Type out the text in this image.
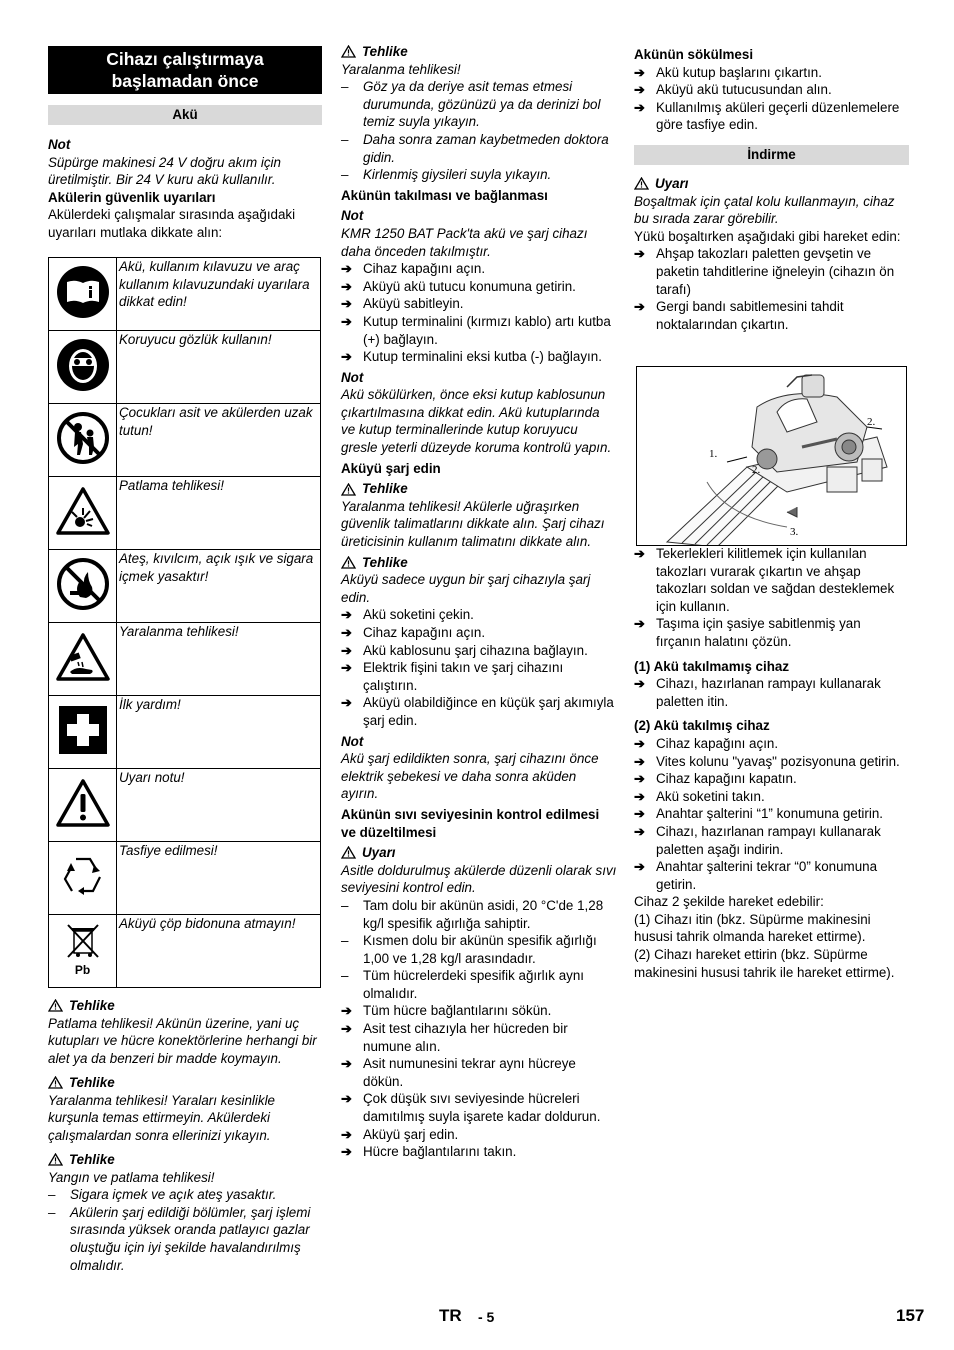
Cihazı çalıştırmaya başlamadan önce
Akü
Not
Süpürge makinesi 24 V doğru akım için üretilmiştir. Bir 24 V kuru akü kullanılır.
Akülerin güvenlik uyarıları
Akülerdeki çalışmalar sırasında aşağıdaki uyarıları mutlaka dikkate alın:
	Akü, kullanım kılavuzu ve araç kullanım kılavuzundaki uyarılara dikkat edin!
	Koruyucu gözlük kullanın!
	Çocukları asit ve akülerden uzak tutun!
	Patlama tehlikesi!
	Ateş, kıvılcım, açık ışık ve sigara içmek yasaktır!
	Yaralanma tehlikesi!
	İlk yardım!
	Uyarı notu!
	Tasfiye edilmesi!

Pb	Aküyü çöp bidonuna atmayın!
Tehlike
Patlama tehlikesi! Akünün üzerine, yani uç kutupları ve hücre konektörlerine herhangi bir alet ya da benzeri bir madde koymayın.
Tehlike
Yaralanma tehlikesi! Yaraları kesinlikle kurşunla temas ettirmeyin. Akülerdeki çalışmalardan sonra ellerinizi yıkayın.
Tehlike
Yangın ve patlama tehlikesi!
–	Sigara içmek ve açık ateş yasaktır.
–	Akülerin şarj edildiği bölümler, şarj işlemi sırasında yüksek oranda patlayıcı gazlar oluştuğu için iyi şekilde havalandırılmış olmalıdır.
Tehlike
Yaralanma tehlikesi!
–	Göz ya da deriye asit temas etmesi durumunda, gözünüzü ya da derinizi bol temiz suyla yıkayın.
–	Daha sonra zaman kaybetmeden doktora gidin.
–	Kirlenmiş giysileri suyla yıkayın.
Akünün takılması ve bağlanması
Not
KMR 1250 BAT Pack'ta akü ve şarj cihazı daha önceden takılmıştır.
➔ Cihaz kapağını açın.
➔ Aküyü akü tutucu konumuna getirin.
➔ Aküyü sabitleyin.
➔ Kutup terminalini (kırmızı kablo) artı kutba (+) bağlayın.
➔ Kutup terminalini eksi kutba (-) bağlayın.
Not
Akü sökülürken, önce eksi kutup kablosunun çıkartılmasına dikkat edin. Akü kutuplarında ve kutup terminallerinde kutup koruyucu gresle yeterli düzeyde koruma kontrolü yapın.
Aküyü şarj edin
Tehlike
Yaralanma tehlikesi! Akülerle uğraşırken güvenlik talimatlarını dikkate alın. Şarj cihazı üreticisinin kullanım talimatını dikkate alın.
Tehlike
Aküyü sadece uygun bir şarj cihazıyla şarj edin.
➔ Akü soketini çekin.
➔ Cihaz kapağını açın.
➔ Akü kablosunu şarj cihazına bağlayın.
➔ Elektrik fişini takın ve şarj cihazını çalıştırın.
➔ Aküyü olabildiğince en küçük şarj akımıyla şarj edin.
Not
Akü şarj edildikten sonra, şarj cihazını önce elektrik şebekesi ve daha sonra aküden ayırın.
Akünün sıvı seviyesinin kontrol edilmesi ve düzeltilmesi
Uyarı
Asitle doldurulmuş akülerde düzenli olarak sıvı seviyesini kontrol edin.
–	Tam dolu bir akünün asidi, 20 °C'de 1,28 kg/l spesifik ağırlığa sahiptir.
–	Kısmen dolu bir akünün spesifik ağırlığı 1,00 ve 1,28 kg/l arasındadır.
–	Tüm hücrelerdeki spesifik ağırlık aynı olmalıdır.
➔ Tüm hücre bağlantılarını sökün.
➔ Asit test cihazıyla her hücreden bir numune alın.
➔ Asit numunesini tekrar aynı hücreye dökün.
➔ Çok düşük sıvı seviyesinde hücreleri damıtılmış suyla işarete kadar doldurun.
➔ Aküyü şarj edin.
➔ Hücre bağlantılarını takın.
Akünün sökülmesi
➔ Akü kutup başlarını çıkartın.
➔ Aküyü akü tutucusundan alın.
➔ Kullanılmış aküleri geçerli düzenlemelere göre tasfiye edin.
İndirme
Uyarı
Boşaltmak için çatal kolu kullanmayın, cihaz bu sırada zarar görebilir.
Yükü boşaltırken aşağıdaki gibi hareket edin:
➔ Ahşap takozları paletten gevşetin ve paketin tahditlerine iğneleyin (cihazın ön tarafı)
➔ Gergi bandı sabitlemesini tahdit noktalarından çıkartın.
1.
2.
2.
3.
➔ Tekerlekleri kilitlemek için kullanılan takozları vurarak çıkartın ve ahşap takozları soldan ve sağdan desteklemek için kullanın.
➔ Taşıma için şasiye sabitlenmiş yan fırçanın halatını çözün.
(1) Akü takılmamış cihaz
➔ Cihazı, hazırlanan rampayı kullanarak paletten itin.
(2) Akü takılmış cihaz
➔ Cihaz kapağını açın.
➔ Vites kolunu "yavaş" pozisyonuna getirin.
➔ Cihaz kapağını kapatın.
➔ Akü soketini takın.
➔ Anahtar şalterini “1” konumuna getirin.
➔ Cihazı, hazırlanan rampayı kullanarak paletten aşağı indirin.
➔ Anahtar şalterini tekrar “0” konumuna getirin.
Cihaz 2 şekilde hareket edebilir:
(1) Cihazı itin (bkz. Süpürme makinesini hususi tahrik olmanda hareket ettirme).
(2) Cihazı hareket ettirin (bkz. Süpürme makinesini hususi tahrik ile hareket ettirme).
TR - 5	157
